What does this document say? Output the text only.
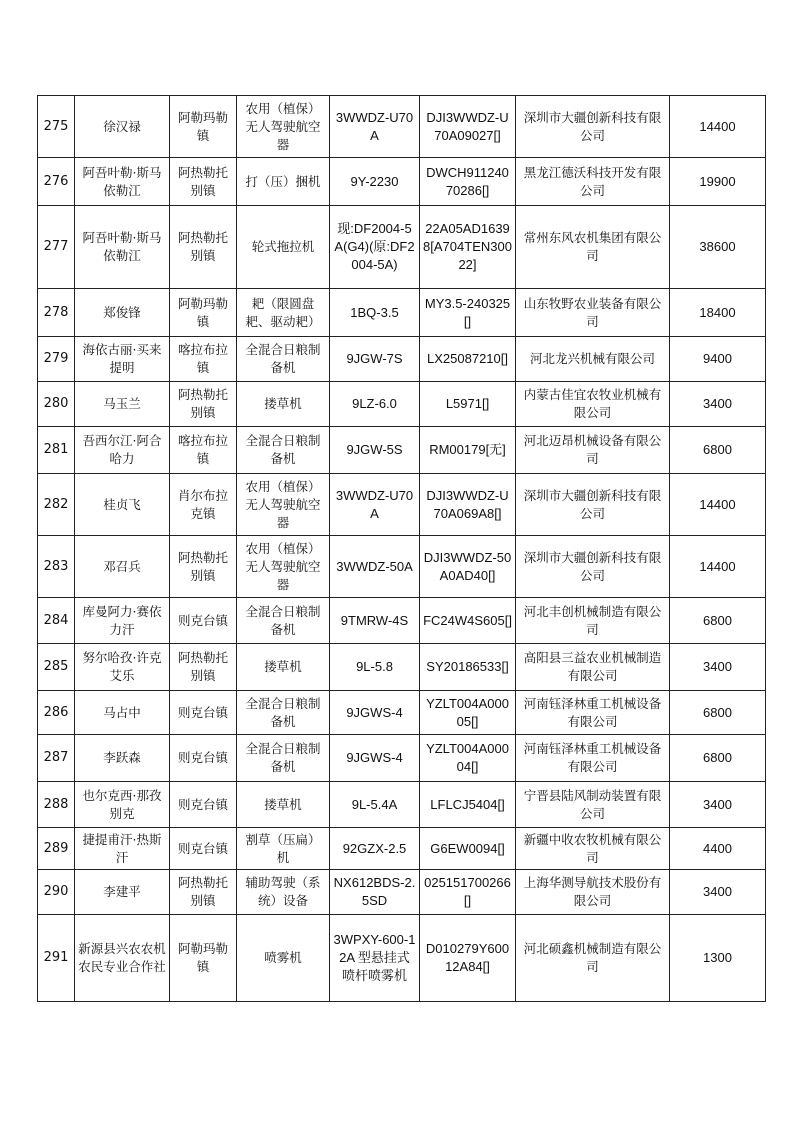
275	徐汉禄	阿勒玛勒镇	农用（植保）无人驾驶航空器	3WWDZ-U70A	DJI3WWDZ-U70A09027[]	深圳市大疆创新科技有限公司	14400
276	阿吾叶勒·斯马依勒江	阿热勒托别镇	打（压）捆机	9Y-2230	DWCH91124070286[]	黑龙江德沃科技开发有限公司	19900
277	阿吾叶勒·斯马依勒江	阿热勒托别镇	轮式拖拉机	现:DF2004-5A(G4)(原:DF2004-5A)	22A05AD16398[A704TEN30022]	常州东风农机集团有限公司	38600
278	郑俊锋	阿勒玛勒镇	耙（限圆盘耙、驱动耙）	1BQ-3.5	MY3.5-240325[]	山东牧野农业装备有限公司	18400
279	海依古丽·买来提明	喀拉布拉镇	全混合日粮制备机	9JGW-7S	LX25087210[]	河北龙兴机械有限公司	9400
280	马玉兰	阿热勒托别镇	搂草机	9LZ-6.0	L5971[]	内蒙古佳宜农牧业机械有限公司	3400
281	吾西尔江·阿合哈力	喀拉布拉镇	全混合日粮制备机	9JGW-5S	RM00179[无]	河北迈昂机械设备有限公司	6800
282	桂贞飞	肖尔布拉克镇	农用（植保）无人驾驶航空器	3WWDZ-U70A	DJI3WWDZ-U70A069A8[]	深圳市大疆创新科技有限公司	14400
283	邓召兵	阿热勒托别镇	农用（植保）无人驾驶航空器	3WWDZ-50A	DJI3WWDZ-50A0AD40[]	深圳市大疆创新科技有限公司	14400
284	库曼阿力·赛依力汗	则克台镇	全混合日粮制备机	9TMRW-4S	FC24W4S605[]	河北丰创机械制造有限公司	6800
285	努尔哈孜·许克艾乐	阿热勒托别镇	搂草机	9L-5.8	SY20186533[]	高阳县三益农业机械制造有限公司	3400
286	马占中	则克台镇	全混合日粮制备机	9JGWS-4	YZLT004A00005[]	河南钰泽林重工机械设备有限公司	6800
287	李跃森	则克台镇	全混合日粮制备机	9JGWS-4	YZLT004A00004[]	河南钰泽林重工机械设备有限公司	6800
288	也尔克西·那孜别克	则克台镇	搂草机	9L-5.4A	LFLCJ5404[]	宁晋县陆风制动装置有限公司	3400
289	捷提甫汗·热斯汗	则克台镇	割草（压扁）机	92GZX-2.5	G6EW0094[]	新疆中收农牧机械有限公司	4400
290	李建平	阿热勒托别镇	辅助驾驶（系统）设备	NX612BDS-2.5SD	025151700266[]	上海华测导航技术股份有限公司	3400
291	新源县兴农农机农民专业合作社	阿勒玛勒镇	喷雾机	3WPXY-600-12A 型悬挂式喷杆喷雾机	D010279Y60012A84[]	河北硕鑫机械制造有限公司	1300
